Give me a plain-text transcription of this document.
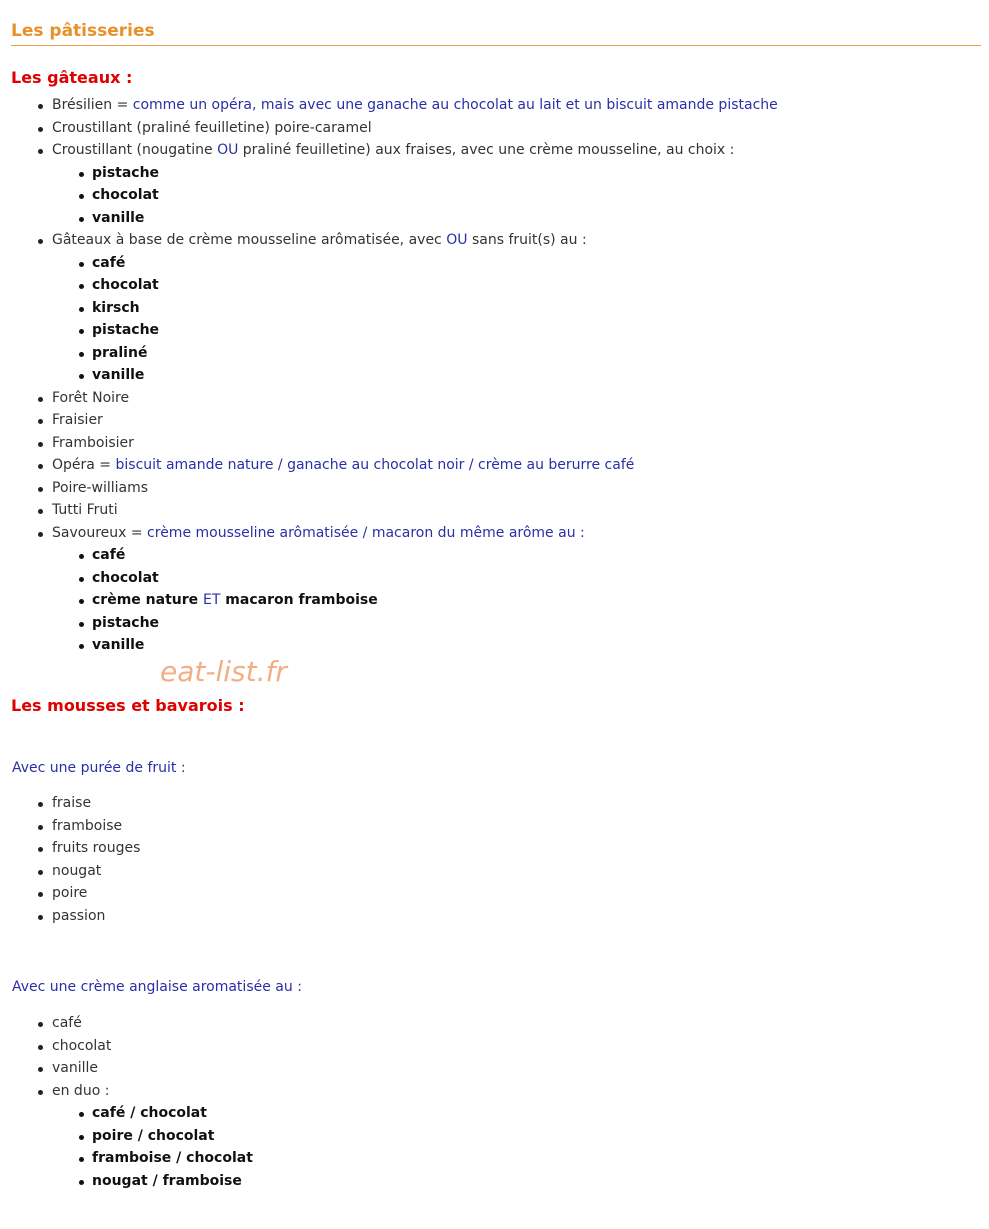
Les pâtisseries
Les gâteaux :
Brésilien = comme un opéra, mais avec une ganache au chocolat au lait et un biscuit amande pistache
Croustillant (praliné feuilletine) poire-caramel
Croustillant (nougatine OU praliné feuilletine) aux fraises, avec une crème mousseline, au choix :
pistache
chocolat
vanille
Gâteaux à base de crème mousseline arômatisée, avec OU sans fruit(s) au :
café
chocolat
kirsch
pistache
praliné
vanille
Forêt Noire
Fraisier
Framboisier
Opéra = biscuit amande nature / ganache au chocolat noir / crème au berurre café
Poire-williams
Tutti Fruti
Savoureux = crème mousseline arômatisée / macaron du même arôme au :
café
chocolat
crème nature ET macaron framboise
pistache
vanille
eat-list.fr
Les mousses et bavarois :
Avec une purée de fruit :
fraise
framboise
fruits rouges
nougat
poire
passion
Avec une crème anglaise aromatisée au :
café
chocolat
vanille
en duo :
café / chocolat
poire / chocolat
framboise / chocolat
nougat / framboise
